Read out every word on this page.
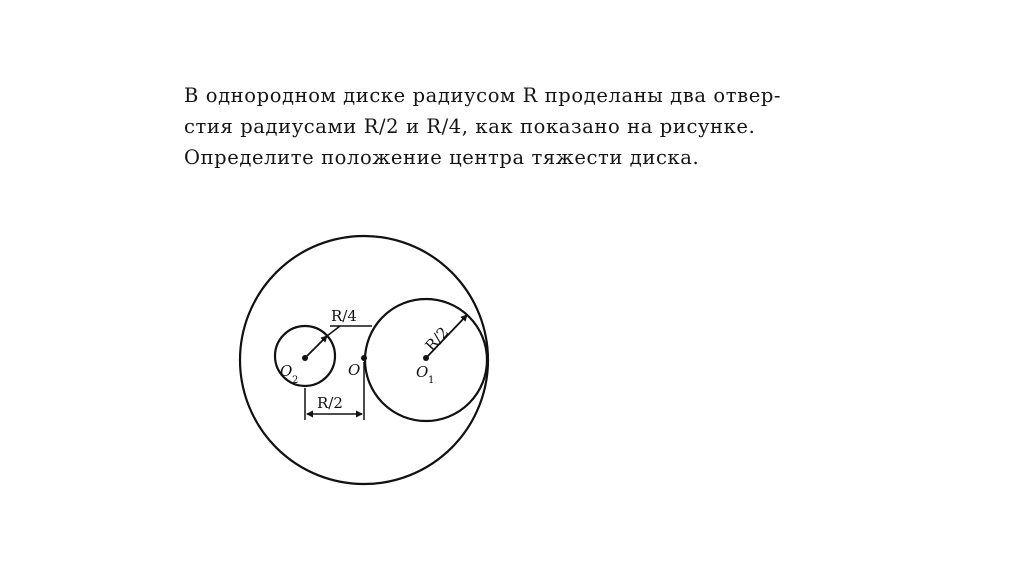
В однородном диске радиусом R проделаны два отвер-
стия радиусами R/2 и R/4, как показано на рисунке.
Определите положение центра тяжести диска.
R/4
R/2
R/2
O	O 1
O
2
